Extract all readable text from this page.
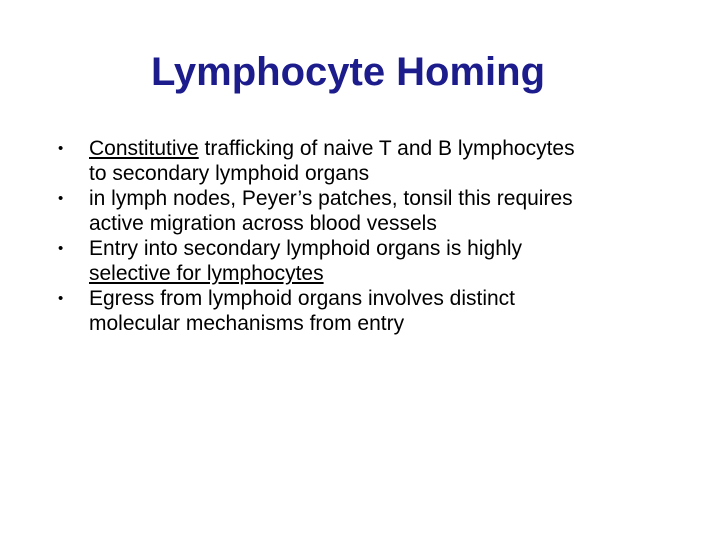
Lymphocyte Homing
• Constitutive trafficking of naive T and B lymphocytes
to secondary lymphoid organs
• in lymph nodes, Peyer’s patches, tonsil this requires
active migration across blood vessels
• Entry into secondary lymphoid organs is highly
selective for lymphocytes
• Egress from lymphoid organs involves distinct
molecular mechanisms from entry
